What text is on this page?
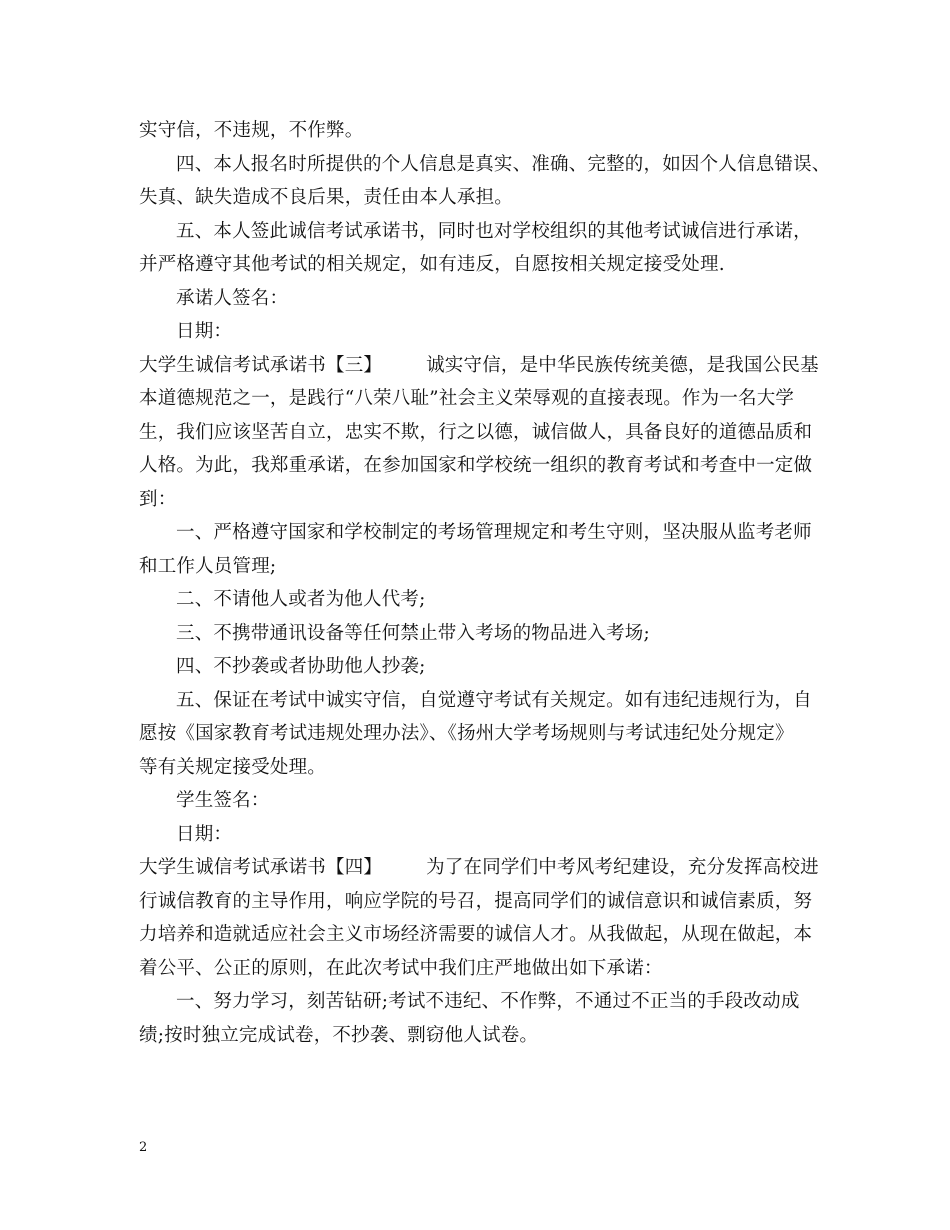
实守信，不违规，不作弊。
四、本人报名时所提供的个人信息是真实、准确、完整的，如因个人信息错误、
失真、缺失造成不良后果，责任由本人承担。
五、本人签此诚信考试承诺书，同时也对学校组织的其他考试诚信进行承诺，
并严格遵守其他考试的相关规定，如有违反，自愿按相关规定接受处理.
承诺人签名：
日期：
大学生诚信考试承诺书【三】 诚实守信，是中华民族传统美德，是我国公民基
本道德规范之一，是践行“八荣八耻”社会主义荣辱观的直接表现。作为一名大学
生，我们应该坚苦自立，忠实不欺，行之以德，诚信做人，具备良好的道德品质和
人格。为此，我郑重承诺，在参加国家和学校统一组织的教育考试和考查中一定做
到：
一、严格遵守国家和学校制定的考场管理规定和考生守则，坚决服从监考老师
和工作人员管理;
二、不请他人或者为他人代考;
三、不携带通讯设备等任何禁止带入考场的物品进入考场;
四、不抄袭或者协助他人抄袭;
五、保证在考试中诚实守信，自觉遵守考试有关规定。如有违纪违规行为，自
愿按《国家教育考试违规处理办法》、《扬州大学考场规则与考试违纪处分规定》
等有关规定接受处理。
学生签名：
日期：
大学生诚信考试承诺书【四】 为了在同学们中考风考纪建设，充分发挥高校进
行诚信教育的主导作用，响应学院的号召，提高同学们的诚信意识和诚信素质，努
力培养和造就适应社会主义市场经济需要的诚信人才。从我做起，从现在做起，本
着公平、公正的原则，在此次考试中我们庄严地做出如下承诺：
一、努力学习，刻苦钻研;考试不违纪、不作弊，不通过不正当的手段改动成
绩;按时独立完成试卷，不抄袭、剽窃他人试卷。
2
